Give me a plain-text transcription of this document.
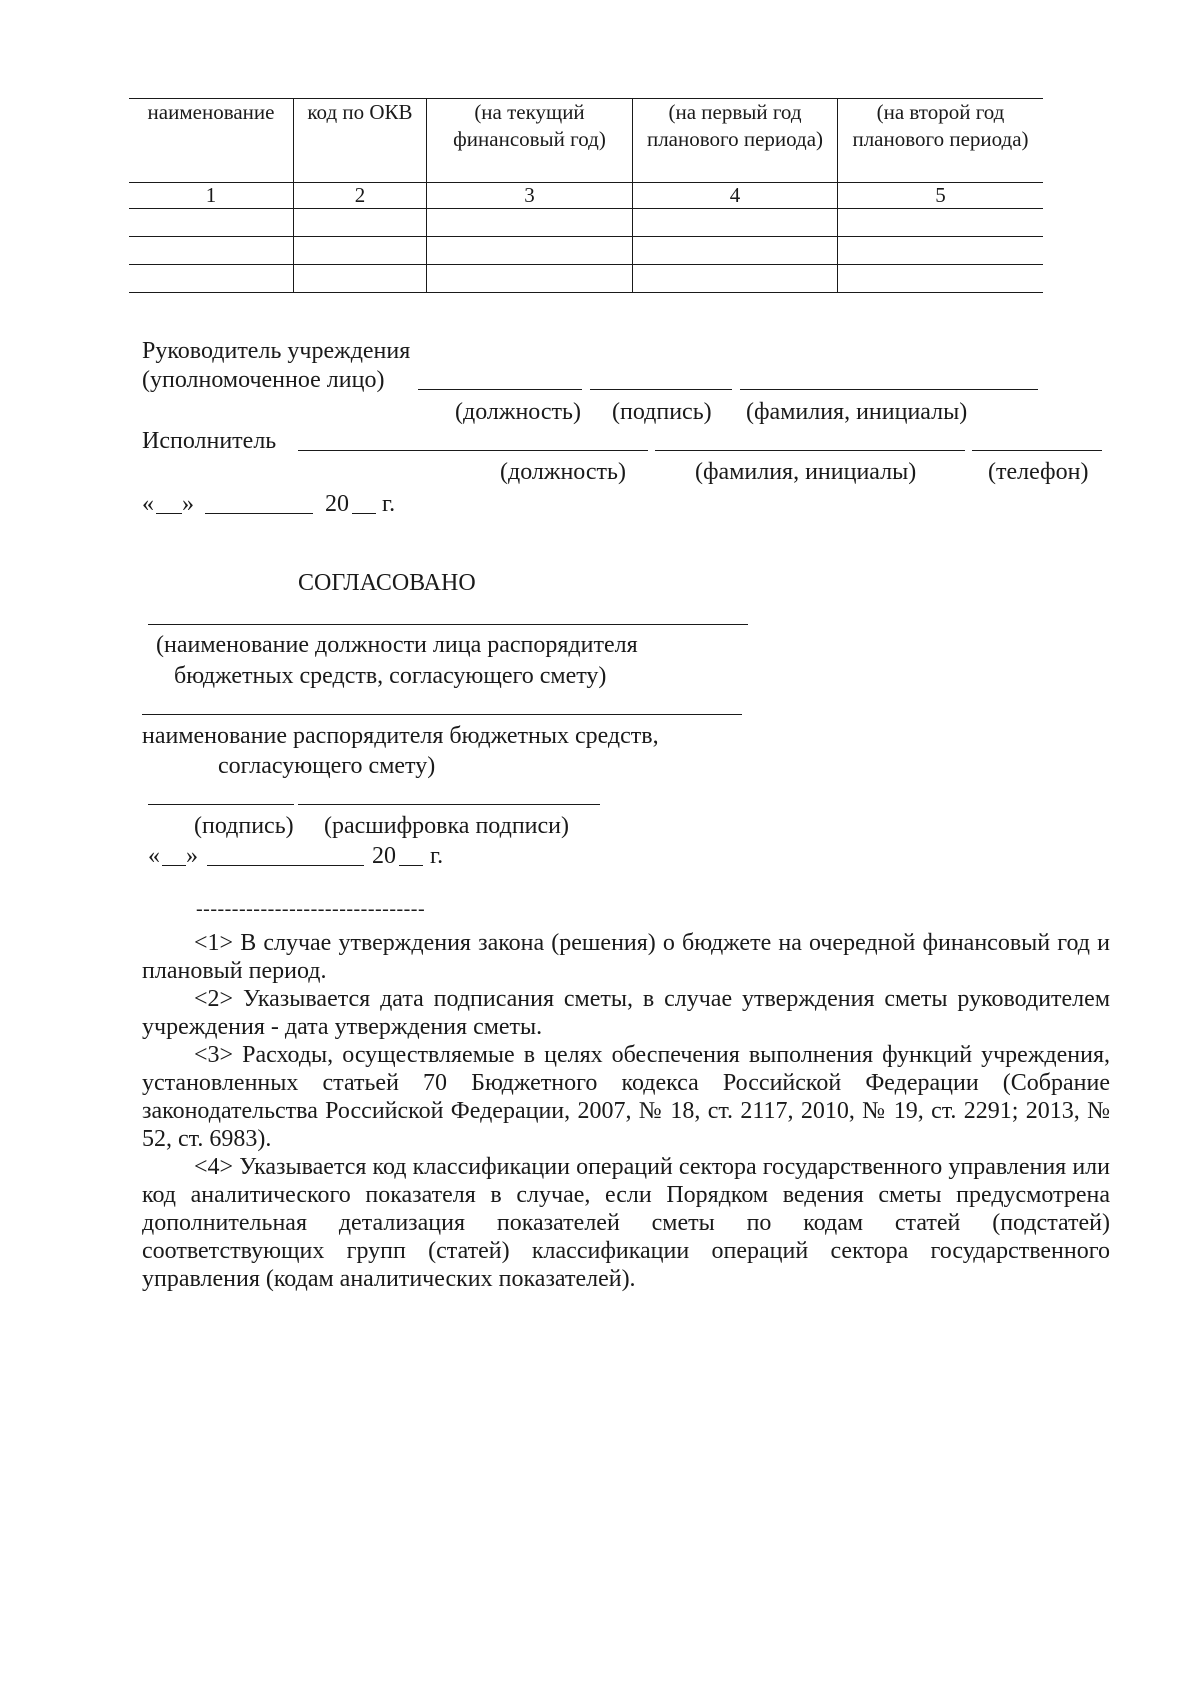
наименование	код по ОКВ	(на текущий финансовый год)	(на первый год планового периода)	(на второй год планового периода)
1	2	3	4	5

Руководитель учреждения
(уполномоченное лицо)
(должность) (подпись) (фамилия, инициалы)
Исполнитель
(должность)	(фамилия, инициалы)	(телефон)
« »	20 г.
СОГЛАСОВАНО
(наименование должности лица распорядителя
бюджетных средств, согласующего смету)
наименование распорядителя бюджетных средств,
согласующего смету)
(подпись) (расшифровка подписи)
« »	20 г.
--------------------------------

<1> В случае утверждения закона (решения) о бюджете на очередной финансовый год и плановый период.

<2> Указывается дата подписания сметы, в случае утверждения сметы руководителем учреждения - дата утверждения сметы.

<3> Расходы, осуществляемые в целях обеспечения выполнения функций учреждения, установленных статьей 70 Бюджетного кодекса Российской Федерации (Собрание законодательства Российской Федерации, 2007, № 18, ст. 2117, 2010, № 19, ст. 2291; 2013, № 52, ст. 6983).

<4> Указывается код классификации операций сектора государственного управления или код аналитического показателя в случае, если Порядком ведения сметы предусмотрена дополнительная детализация показателей сметы по кодам статей (подстатей) соответствующих групп (статей) классификации операций сектора государственного управления (кодам аналитических показателей).
